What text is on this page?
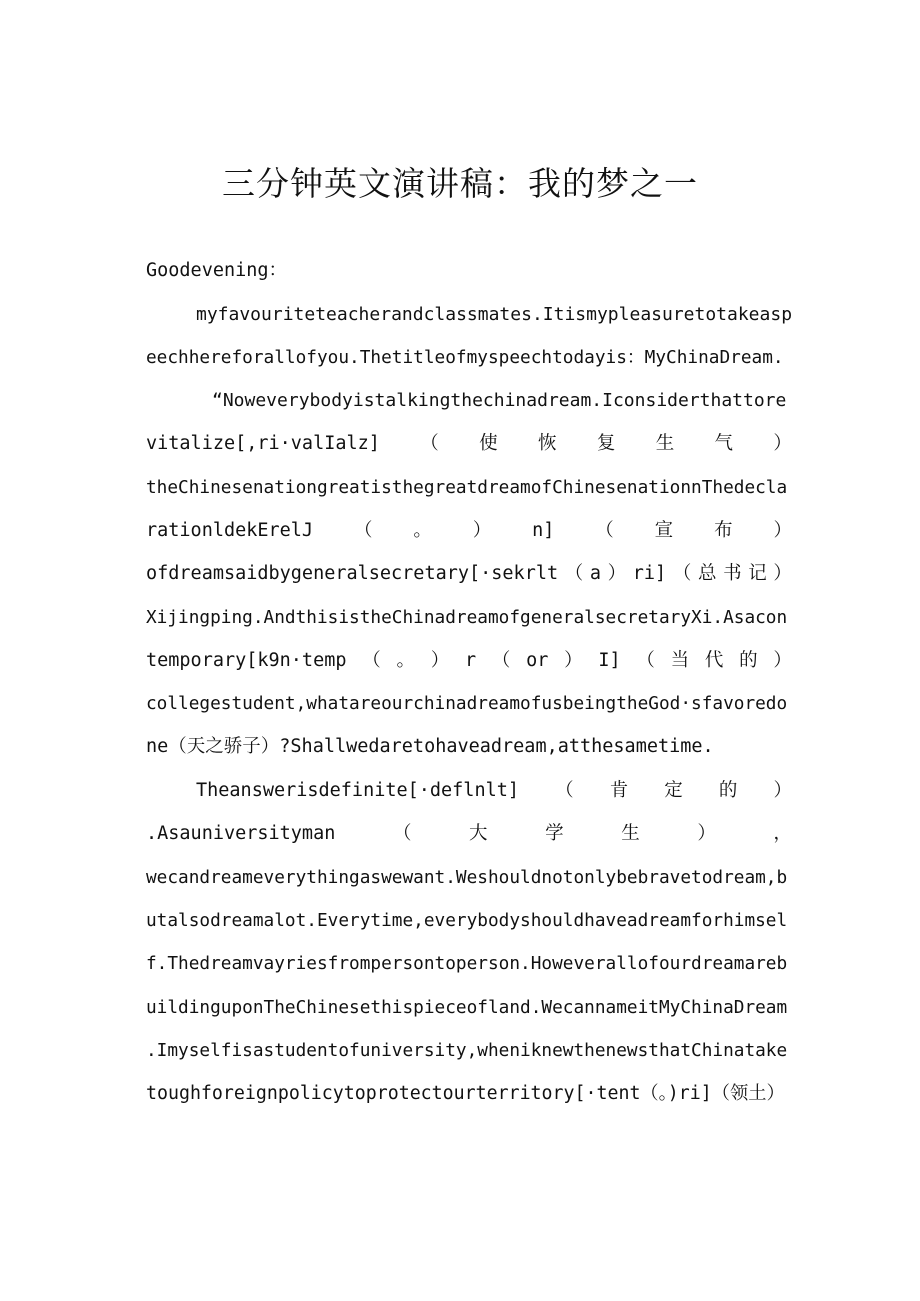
三分钟英文演讲稿：我的梦之一
Goodevening：
myfavouriteteacherandclassmates.Itismypleasuretotakeasp
eechhereforallofyou.Thetitleofmyspeechtodayis：MyChinaDream.
“Noweverybodyistalkingthechinadream.Iconsiderthattore
vitalize[,ri·valIalz] （ 使 恢 复 生 气 ）
theChinesenationgreatisthegreatdreamofChinesenationnThedecla
rationldekErelJ （ 。 ） n] （ 宣 布 ）
ofdreamsaidbygeneralsecretary[·sekrlt （ a ） ri] （ 总 书 记 ）
Xijingping.AndthisistheChinadreamofgeneralsecretaryXi.Asacon
temporary[k9n·temp （ 。 ） r （ or ） I] （ 当 代 的 ）
collegestudent,whatareourchinadreamofusbeingtheGod·sfavoredo
ne（天之骄子）?Shallwedaretohaveadream,atthesametime.
Theanswerisdefinite[·deflnlt] （ 肯 定 的 ）
.Asauniversityman	（	大	学	生	）	，
wecandreameverythingaswewant.Weshouldnotonlybebravetodream,b
utalsodreamalot.Everytime,everybodyshouldhaveadreamforhimsel
f.Thedreamvayriesfrompersontoperson.Howeverallofourdreamareb
uildinguponTheChinesethispieceofland.WecannameitMyChinaDream
.Imyselfisastudentofuniversity,wheniknewthenewsthatChinatake
toughforeignpolicytoprotectourterritory[·tent（。)ri]（领土）
